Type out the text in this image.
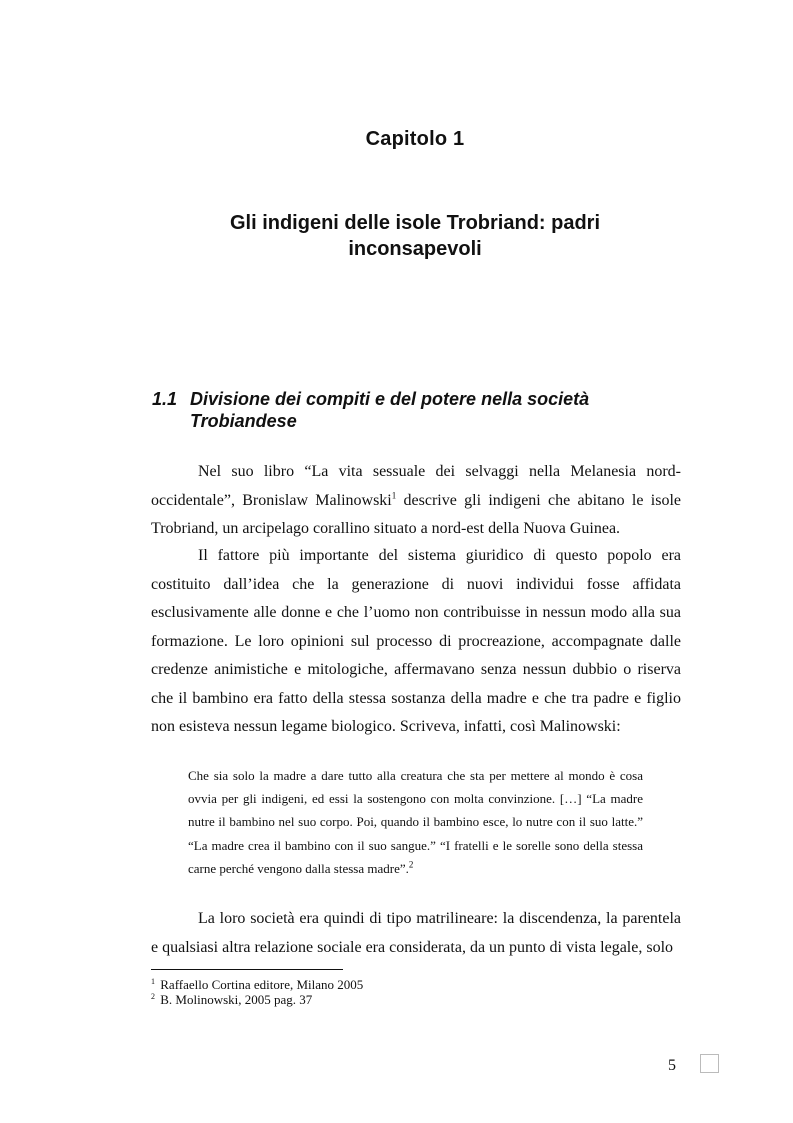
Capitolo 1
Gli indigeni delle isole Trobriand: padri inconsapevoli
1.1 Divisione dei compiti e del potere nella società Trobiandese

Nel suo libro “La vita sessuale dei selvaggi nella Melanesia nord-occidentale”, Bronislaw Malinowski$^1$ descrive gli indigeni che abitano le isole Trobriand, un arcipelago corallino situato a nord-est della Nuova Guinea.

Il fattore più importante del sistema giuridico di questo popolo era costituito dall’idea che la generazione di nuovi individui fosse affidata esclusivamente alle donne e che l’uomo non contribuisse in nessun modo alla sua formazione. Le loro opinioni sul processo di procreazione, accompagnate dalle credenze animistiche e mitologiche, affermavano senza nessun dubbio o riserva che il bambino era fatto della stessa sostanza della madre e che tra padre e figlio non esisteva nessun legame biologico. Scriveva, infatti, così Malinowski:

Che sia solo la madre a dare tutto alla creatura che sta per mettere al mondo è cosa ovvia per gli indigeni, ed essi la sostengono con molta convinzione. […] “La madre nutre il bambino nel suo corpo. Poi, quando il bambino esce, lo nutre con il suo latte.” “La madre crea il bambino con il suo sangue.” “I fratelli e le sorelle sono della stessa carne perché vengono dalla stessa madre”.$^2$

La loro società era quindi di tipo matrilineare: la discendenza, la parentela e qualsiasi altra relazione sociale era considerata, da un punto di vista legale, solo

$^1$ Raffaello Cortina editore, Milano 2005
$^2$ B. Molinowski, 2005 pag. 37
5
